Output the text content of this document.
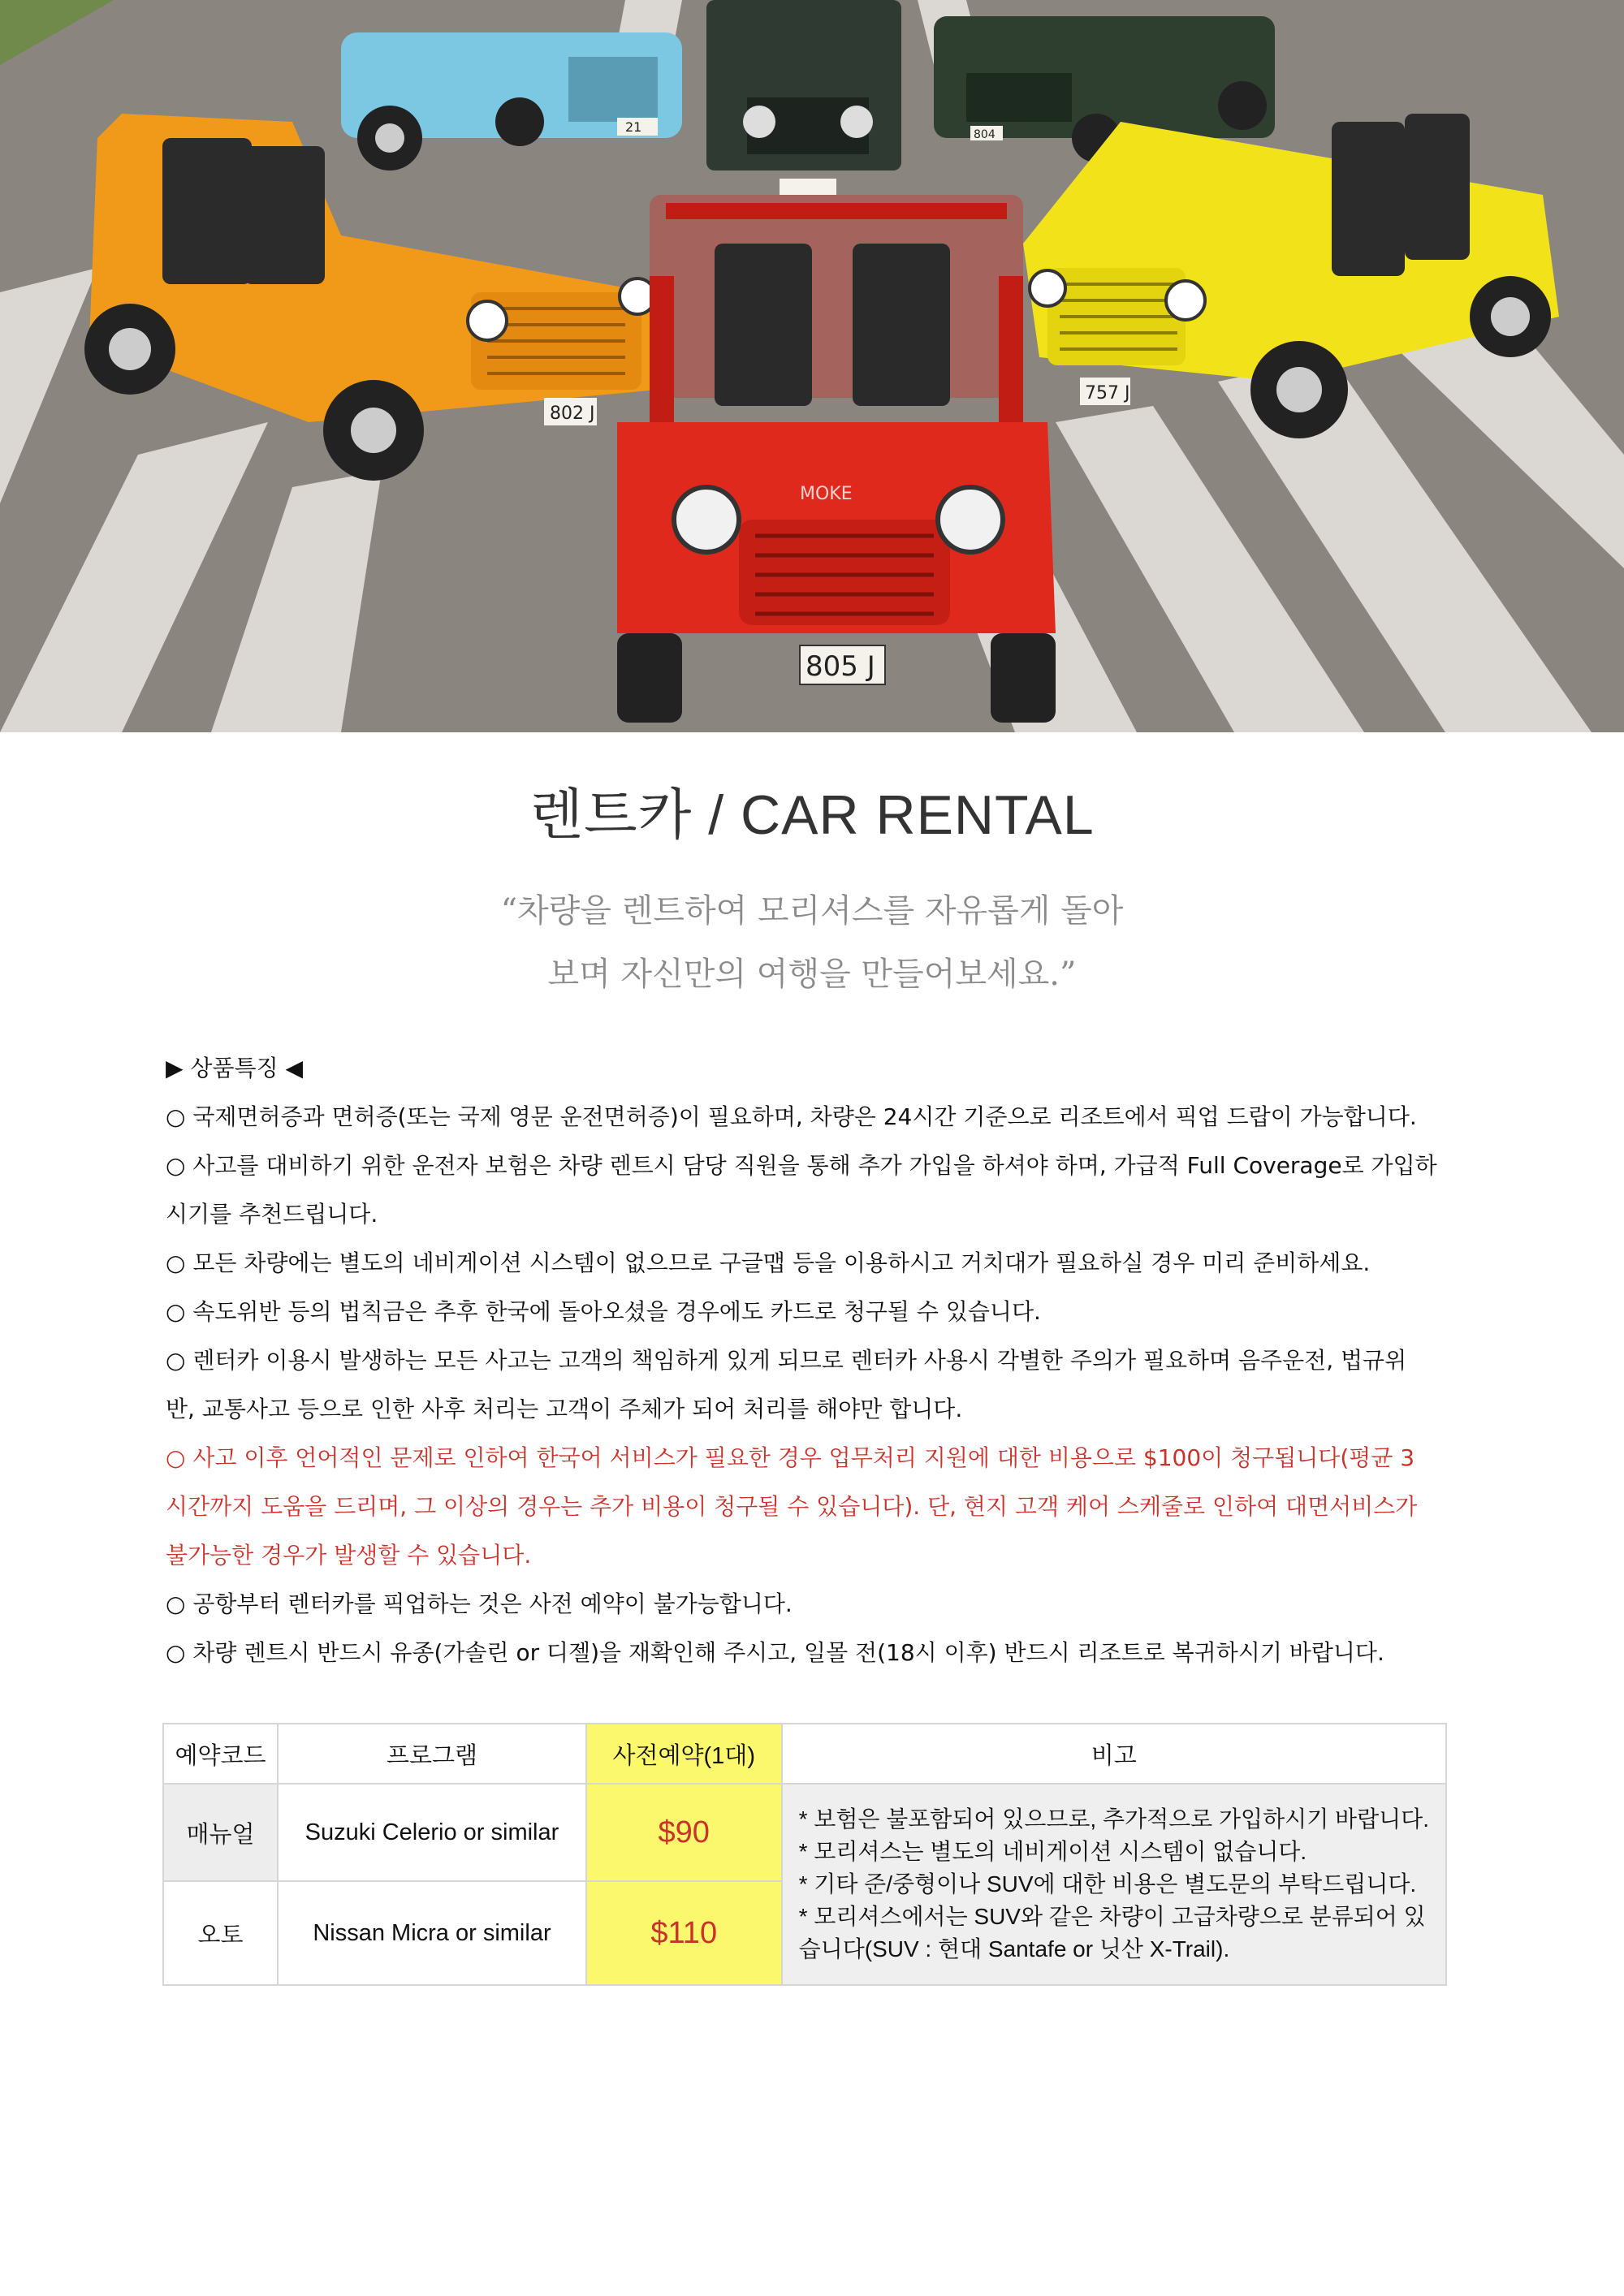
21	804
802 J
757 J
MOKE
805 J
렌트카 / CAR RENTAL
“차량을 렌트하여 모리셔스를 자유롭게 돌아
보며 자신만의 여행을 만들어보세요.”

▶ 상품특징 ◀

○ 국제면허증과 면허증(또는 국제 영문 운전면허증)이 필요하며, 차량은 24시간 기준으로 리조트에서 픽업 드랍이 가능합니다.

○ 사고를 대비하기 위한 운전자 보험은 차량 렌트시 담당 직원을 통해 추가 가입을 하셔야 하며, 가급적 Full Coverage로 가입하

시기를 추천드립니다.

○ 모든 차량에는 별도의 네비게이션 시스템이 없으므로 구글맵 등을 이용하시고 거치대가 필요하실 경우 미리 준비하세요.

○ 속도위반 등의 법칙금은 추후 한국에 돌아오셨을 경우에도 카드로 청구될 수 있습니다.

○ 렌터카 이용시 발생하는 모든 사고는 고객의 책임하게 있게 되므로 렌터카 사용시 각별한 주의가 필요하며 음주운전, 법규위

반, 교통사고 등으로 인한 사후 처리는 고객이 주체가 되어 처리를 해야만 합니다.

○ 사고 이후 언어적인 문제로 인하여 한국어 서비스가 필요한 경우 업무처리 지원에 대한 비용으로 $100이 청구됩니다(평균 3

시간까지 도움을 드리며, 그 이상의 경우는 추가 비용이 청구될 수 있습니다). 단, 현지 고객 케어 스케줄로 인하여 대면서비스가

불가능한 경우가 발생할 수 있습니다.

○ 공항부터 렌터카를 픽업하는 것은 사전 예약이 불가능합니다.

○ 차량 렌트시 반드시 유종(가솔린 or 디젤)을 재확인해 주시고, 일몰 전(18시 이후) 반드시 리조트로 복귀하시기 바랍니다.

예약코드	프로그램	사전예약(1대)	비고
매뉴얼	Suzuki Celerio or similar	$90	* 보험은 불포함되어 있으므로, 추가적으로 가입하시기 바랍니다.
* 모리셔스는 별도의 네비게이션 시스템이 없습니다.
* 기타 준/중형이나 SUV에 대한 비용은 별도문의 부탁드립니다.
* 모리셔스에서는 SUV와 같은 차량이 고급차량으로 분류되어 있
습니다(SUV : 현대 Santafe or 닛산 X-Trail).

오토	Nissan Micra or similar	$110	
